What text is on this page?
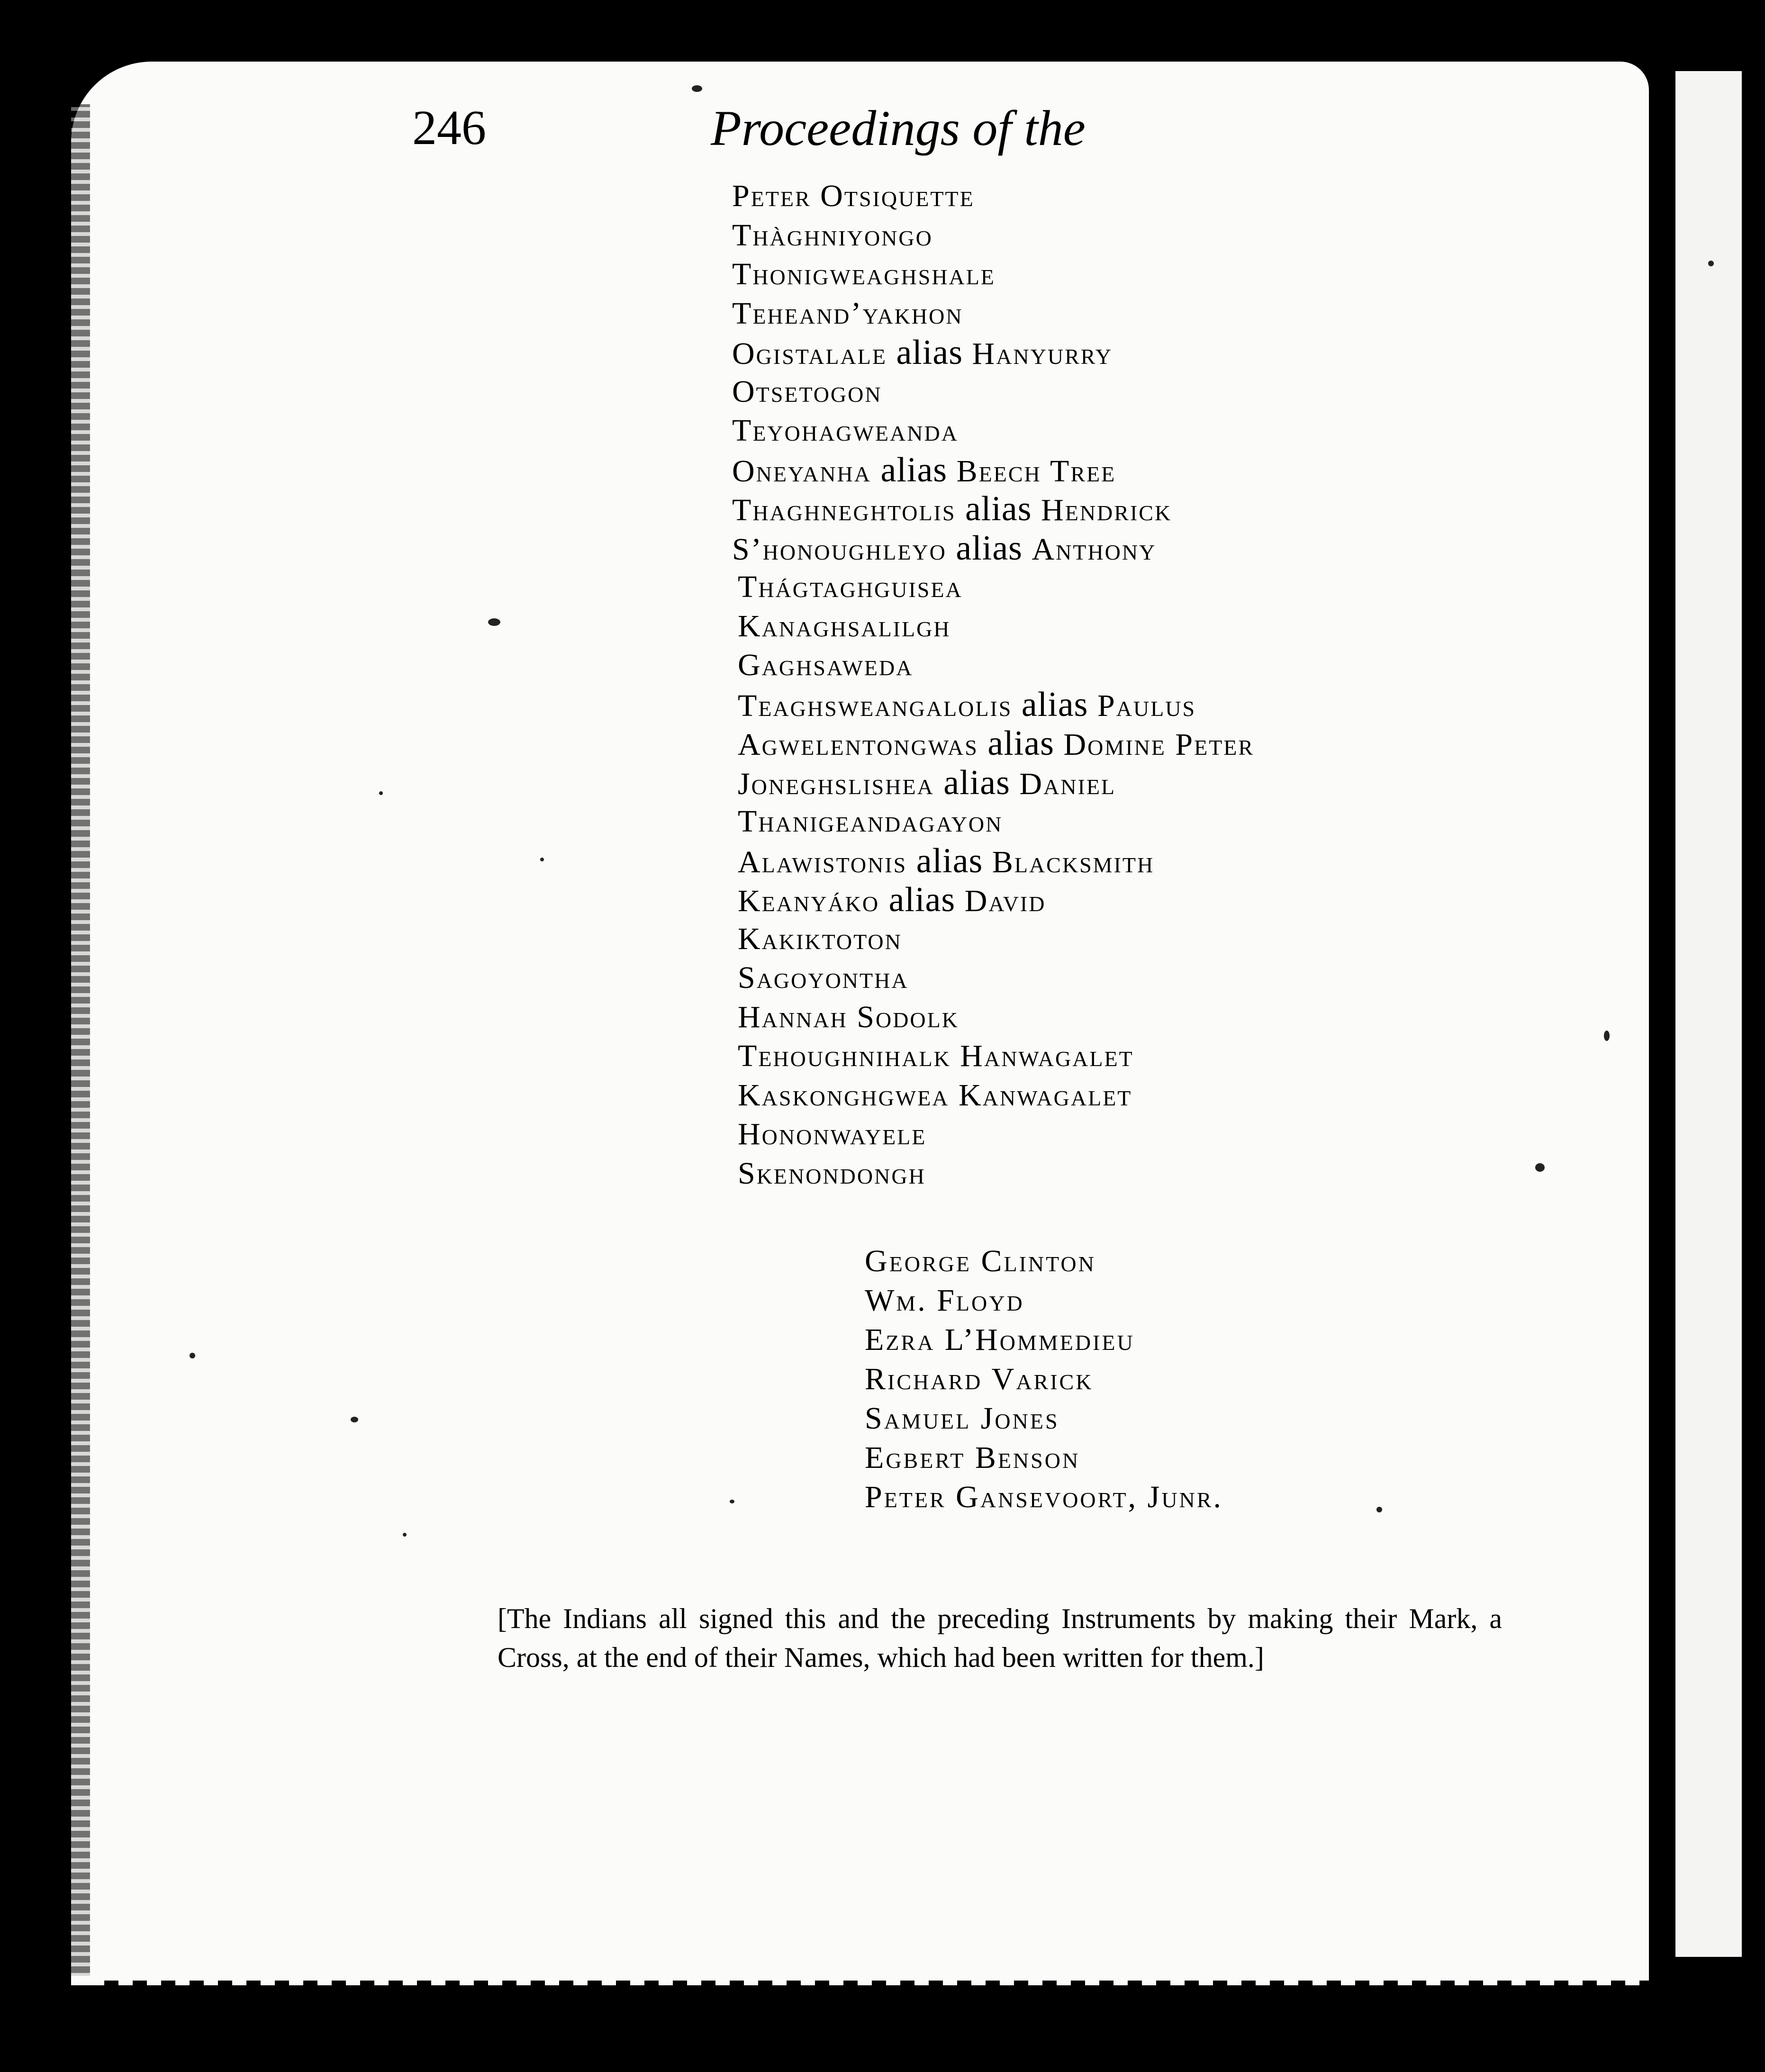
246	Proceedings of the
Peter Otsiquette
Thàghniyongo
Thonigweaghshale
Teheand’yakhon
Ogistalale alias Hanyurry
Otsetogon
Teyohagweanda
Oneyanha alias Beech Tree
Thaghneghtolis alias Hendrick
S’honoughleyo alias Anthony
Thágtaghguisea
Kanaghsalilgh
Gaghsaweda
Teaghsweangalolis alias Paulus
Agwelentongwas alias Domine Peter
Joneghslishea alias Daniel
Thanigeandagayon
Alawistonis alias Blacksmith
Keanyáko alias David
Kakiktoton
Sagoyontha
Hannah Sodolk
Tehoughnihalk Hanwagalet
Kaskonghgwea Kanwagalet
Hononwayele
Skenondongh
George Clinton
Wm. Floyd
Ezra L’Hommedieu
Richard Varick
Samuel Jones
Egbert Benson
Peter Gansevoort, Junr.
[The Indians all signed this and the preceding Instruments by making their Mark, a Cross, at the end of their Names, which had been written for them.]
